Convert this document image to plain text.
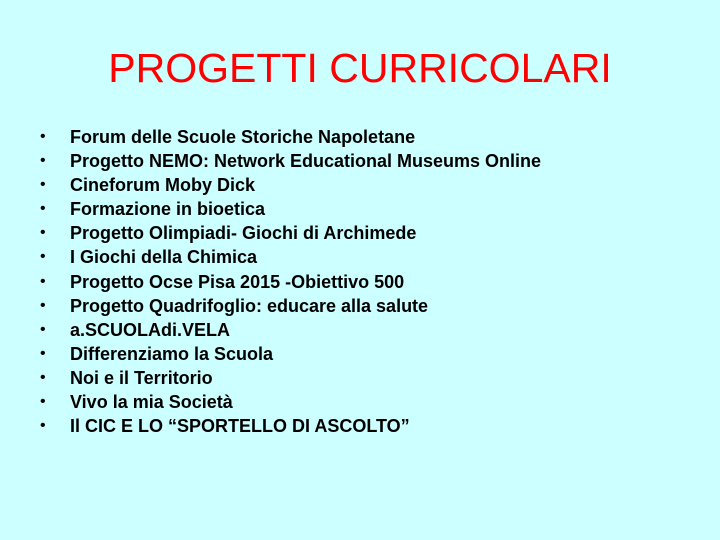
PROGETTI CURRICOLARI
•	Forum delle Scuole Storiche Napoletane
•	Progetto NEMO: Network Educational Museums Online
•	Cineforum Moby Dick
•	Formazione in bioetica
•	Progetto Olimpiadi- Giochi di Archimede
•	I Giochi della Chimica
•	Progetto Ocse Pisa 2015 -Obiettivo 500
•	Progetto Quadrifoglio: educare alla salute
•	a.SCUOLAdi.VELA
•	Differenziamo la Scuola
•	Noi e il Territorio
•	Vivo la mia Società
•	Il CIC E LO “SPORTELLO DI ASCOLTO”
